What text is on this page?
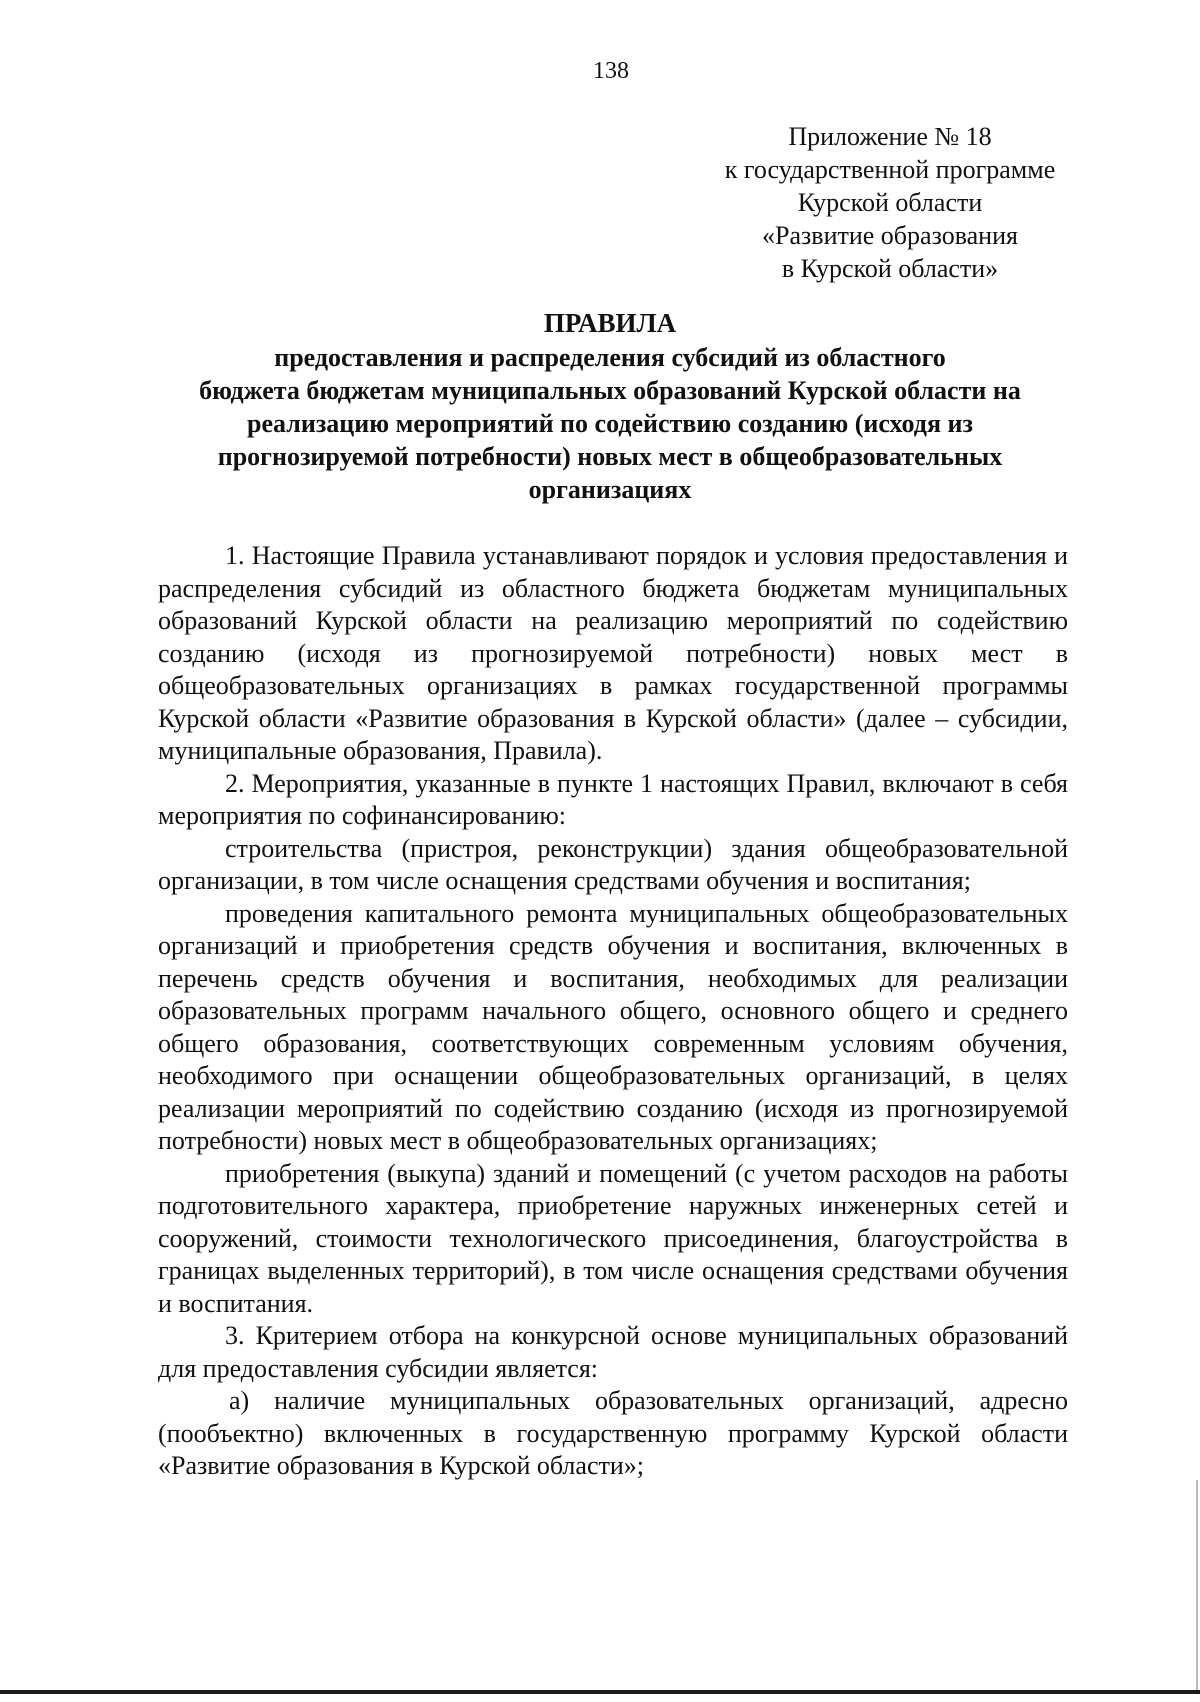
138
Приложение № 18
к государственной программе
Курской области
«Развитие образования
в Курской области»
ПРАВИЛА
предоставления и распределения субсидий из областного
бюджета бюджетам муниципальных образований Курской области на
реализацию мероприятий по содействию созданию (исходя из
прогнозируемой потребности) новых мест в общеобразовательных
организациях

1. Настоящие Правила устанавливают порядок и условия предоставления и распределения субсидий из областного бюджета бюджетам муниципальных образований Курской области на реализацию мероприятий по содействию созданию (исходя из прогнозируемой потребности) новых мест в общеобразовательных организациях в рамках государственной программы Курской области «Развитие образования в Курской области» (далее – субсидии, муниципальные образования, Правила).

2. Мероприятия, указанные в пункте 1 настоящих Правил, включают в себя мероприятия по софинансированию:

строительства (пристроя, реконструкции) здания общеобразовательной организации, в том числе оснащения средствами обучения и воспитания;

проведения капитального ремонта муниципальных общеобразовательных организаций и приобретения средств обучения и воспитания, включенных в перечень средств обучения и воспитания, необходимых для реализации образовательных программ начального общего, основного общего и среднего общего образования, соответствующих современным условиям обучения, необходимого при оснащении общеобразовательных организаций, в целях реализации мероприятий по содействию созданию (исходя из прогнозируемой потребности) новых мест в общеобразовательных организациях;

приобретения (выкупа) зданий и помещений (с учетом расходов на работы подготовительного характера, приобретение наружных инженерных сетей и сооружений, стоимости технологического присоединения, благоустройства в границах выделенных территорий), в том числе оснащения средствами обучения и воспитания.

3. Критерием отбора на конкурсной основе муниципальных образований для предоставления субсидии является:

а) наличие муниципальных образовательных организаций, адресно (пообъектно) включенных в государственную программу Курской области «Развитие образования в Курской области»;
